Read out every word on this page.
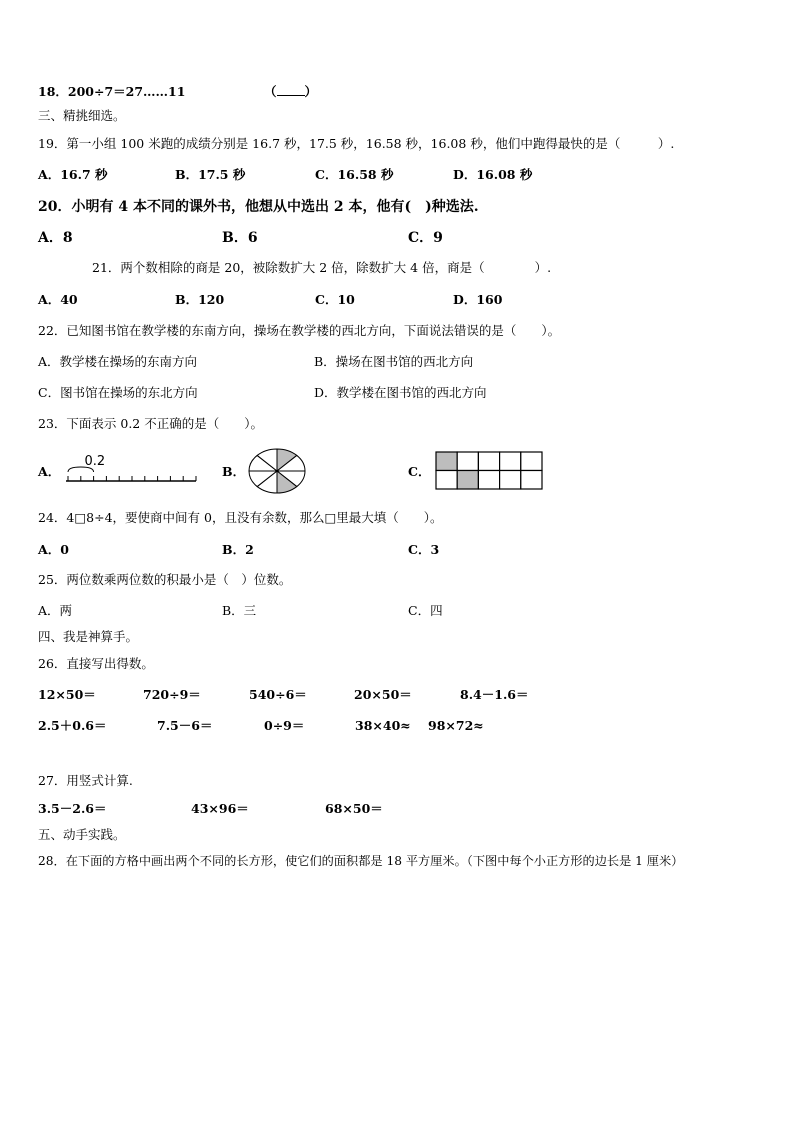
18．200÷7＝27……11	（ ）
三、精挑细选。
19．第一小组 100 米跑的成绩分别是 16.7 秒，17.5 秒，16.58 秒，16.08 秒，他们中跑得最快的是（　　　）.
A．16.7 秒	B．17.5 秒	C．16.58 秒	D．16.08 秒
20．小明有 4 本不同的课外书，他想从中选出 2 本，他有(　)种选法.
A．8	B．6	C．9
21．两个数相除的商是 20，被除数扩大 2 倍，除数扩大 4 倍，商是（　　　　）.
A．40	B．120	C．10	D．160
22．已知图书馆在教学楼的东南方向，操场在教学楼的西北方向，下面说法错误的是（　　）。
A．教学楼在操场的东南方向	B．操场在图书馆的西北方向
C．图书馆在操场的东北方向	D．教学楼在图书馆的西北方向
23．下面表示 0.2 不正确的是（　　）。
A．	B．	C．
0.2
24．4□8÷4，要使商中间有 0，且没有余数，那么□里最大填（　　）。
A．0	B．2	C．3
25．两位数乘两位数的积最小是（　）位数。
A．两	B．三	C．四
四、我是神算手。
26．直接写出得数。
12×50＝	720÷9＝	540÷6＝	20×50＝	8.4－1.6＝
2.5＋0.6＝	7.5－6＝	0÷9＝	38×40≈ 98×72≈
27．用竖式计算.
3.5－2.6＝	43×96＝	68×50＝
五、动手实践。
28．在下面的方格中画出两个不同的长方形，使它们的面积都是 18 平方厘米。（下图中每个小正方形的边长是 1 厘米）
